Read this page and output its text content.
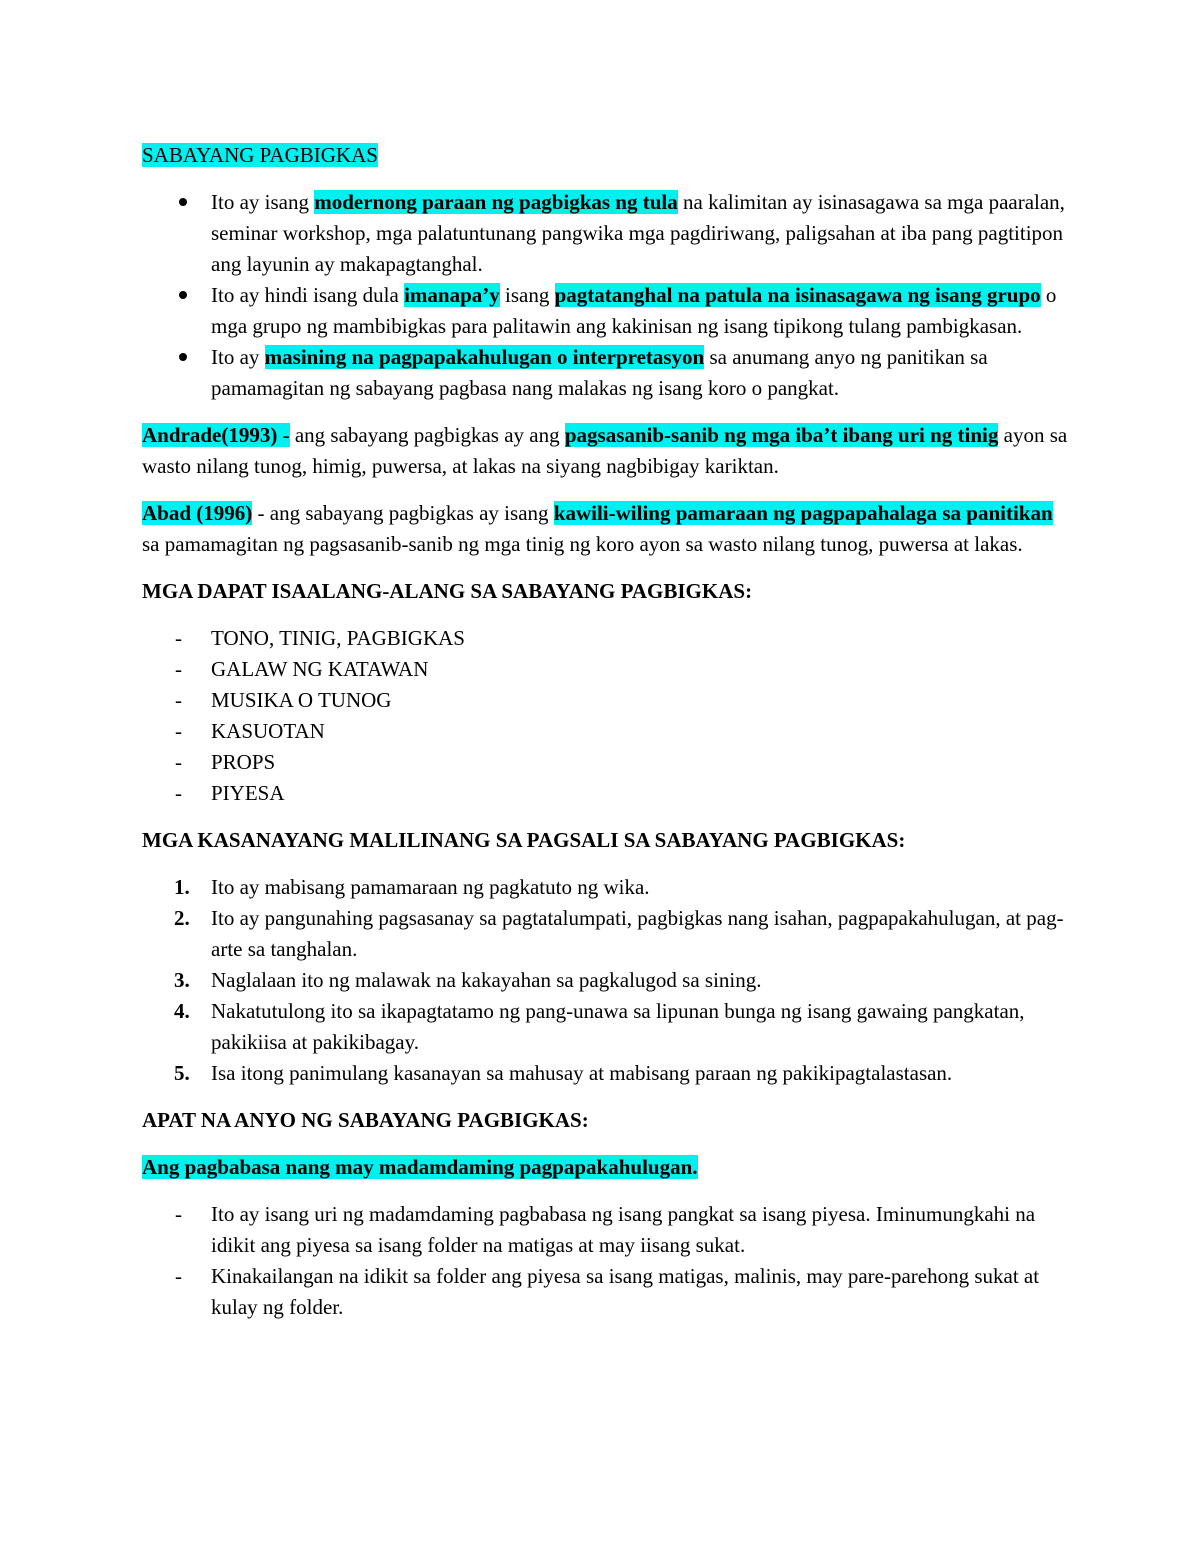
SABAYANG PAGBIGKAS

Ito ay isang modernong paraan ng pagbigkas ng tula na kalimitan ay isinasagawa sa mga paaralan, seminar workshop, mga palatuntunang pangwika mga pagdiriwang, paligsahan at iba pang pagtitipon ang layunin ay makapagtanghal.
Ito ay hindi isang dula imanapa’y isang pagtatanghal na patula na isinasagawa ng isang grupo o mga grupo ng mambibigkas para palitawin ang kakinisan ng isang tipikong tulang pambigkasan.
Ito ay masining na pagpapakahulugan o interpretasyon sa anumang anyo ng panitikan sa pamamagitan ng sabayang pagbasa nang malakas ng isang koro o pangkat.

Andrade(1993) - ang sabayang pagbigkas ay ang pagsasanib-sanib ng mga iba’t ibang uri ng tinig ayon sa wasto nilang tunog, himig, puwersa, at lakas na siyang nagbibigay kariktan.

Abad (1996) - ang sabayang pagbigkas ay isang kawili-wiling pamaraan ng pagpapahalaga sa panitikan sa pamamagitan ng pagsasanib-sanib ng mga tinig ng koro ayon sa wasto nilang tunog, puwersa at lakas.

MGA DAPAT ISAALANG-ALANG SA SABAYANG PAGBIGKAS:

- TONO, TINIG, PAGBIGKAS
- GALAW NG KATAWAN
- MUSIKA O TUNOG
- KASUOTAN
- PROPS
- PIYESA

MGA KASANAYANG MALILINANG SA PAGSALI SA SABAYANG PAGBIGKAS:

1. Ito ay mabisang pamamaraan ng pagkatuto ng wika.
2. Ito ay pangunahing pagsasanay sa pagtatalumpati, pagbigkas nang isahan, pagpapakahulugan, at pag-arte sa tanghalan.
3. Naglalaan ito ng malawak na kakayahan sa pagkalugod sa sining.
4. Nakatutulong ito sa ikapagtatamo ng pang-unawa sa lipunan bunga ng isang gawaing pangkatan, pakikiisa at pakikibagay.
5. Isa itong panimulang kasanayan sa mahusay at mabisang paraan ng pakikipagtalastasan.

APAT NA ANYO NG SABAYANG PAGBIGKAS:

Ang pagbabasa nang may madamdaming pagpapakahulugan.

- Ito ay isang uri ng madamdaming pagbabasa ng isang pangkat sa isang piyesa. Iminumungkahi na idikit ang piyesa sa isang folder na matigas at may iisang sukat.
- Kinakailangan na idikit sa folder ang piyesa sa isang matigas, malinis, may pare-parehong sukat at kulay ng folder.
